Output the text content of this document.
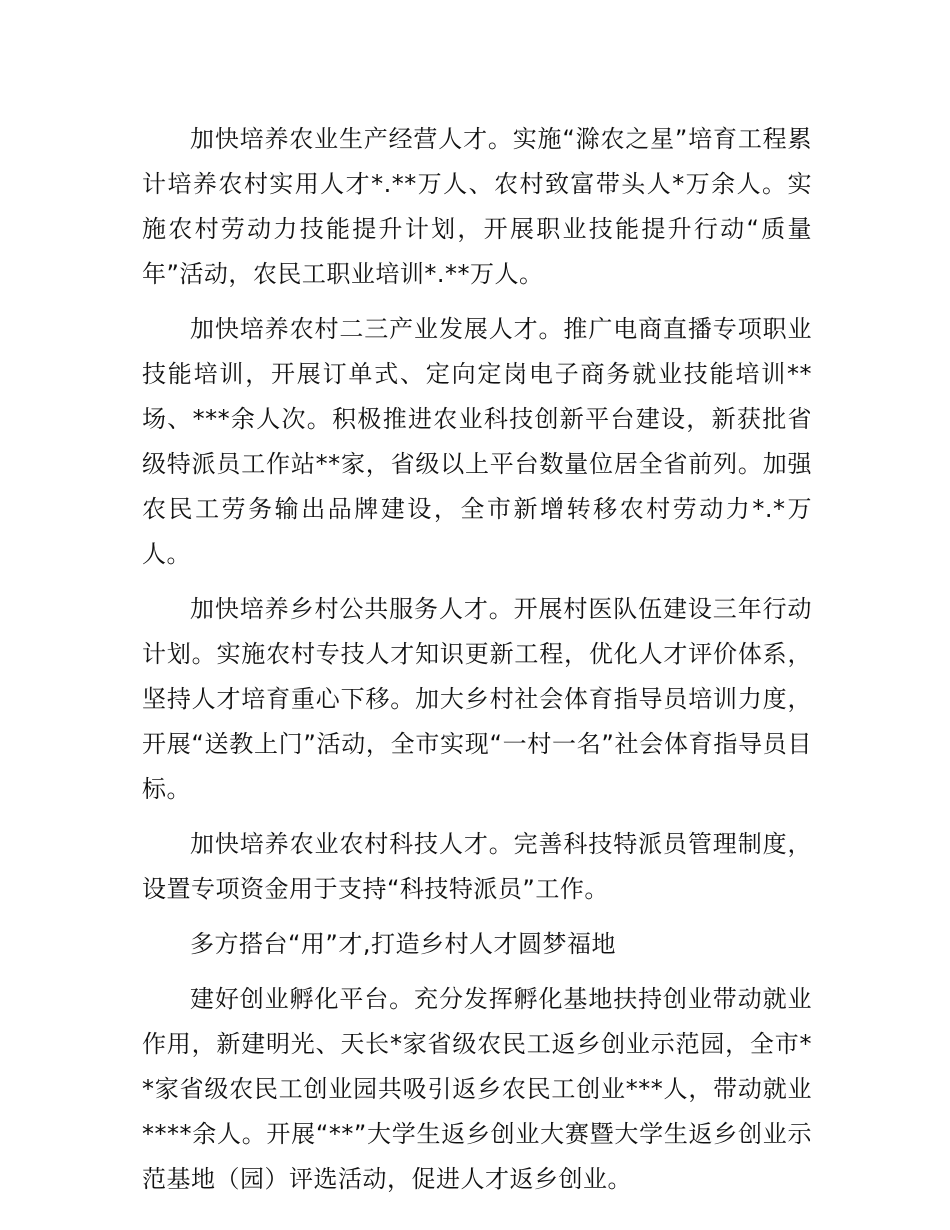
加快培养农业生产经营人才。实施“滁农之星”培育工程累计培养农村实用人才*.**万人、农村致富带头人*万余人。实施农村劳动力技能提升计划，开展职业技能提升行动“质量年”活动，农民工职业培训*.**万人。

加快培养农村二三产业发展人才。推广电商直播专项职业技能培训，开展订单式、定向定岗电子商务就业技能培训**场、***余人次。积极推进农业科技创新平台建设，新获批省级特派员工作站**家，省级以上平台数量位居全省前列。加强农民工劳务输出品牌建设，全市新增转移农村劳动力*.*万人。

加快培养乡村公共服务人才。开展村医队伍建设三年行动计划。实施农村专技人才知识更新工程，优化人才评价体系，坚持人才培育重心下移。加大乡村社会体育指导员培训力度，开展“送教上门”活动，全市实现“一村一名”社会体育指导员目标。

加快培养农业农村科技人才。完善科技特派员管理制度，设置专项资金用于支持“科技特派员”工作。

多方搭台“用”才,打造乡村人才圆梦福地

建好创业孵化平台。充分发挥孵化基地扶持创业带动就业作用，新建明光、天长*家省级农民工返乡创业示范园，全市**家省级农民工创业园共吸引返乡农民工创业***人，带动就业****余人。开展“**”大学生返乡创业大赛暨大学生返乡创业示范基地（园）评选活动，促进人才返乡创业。
